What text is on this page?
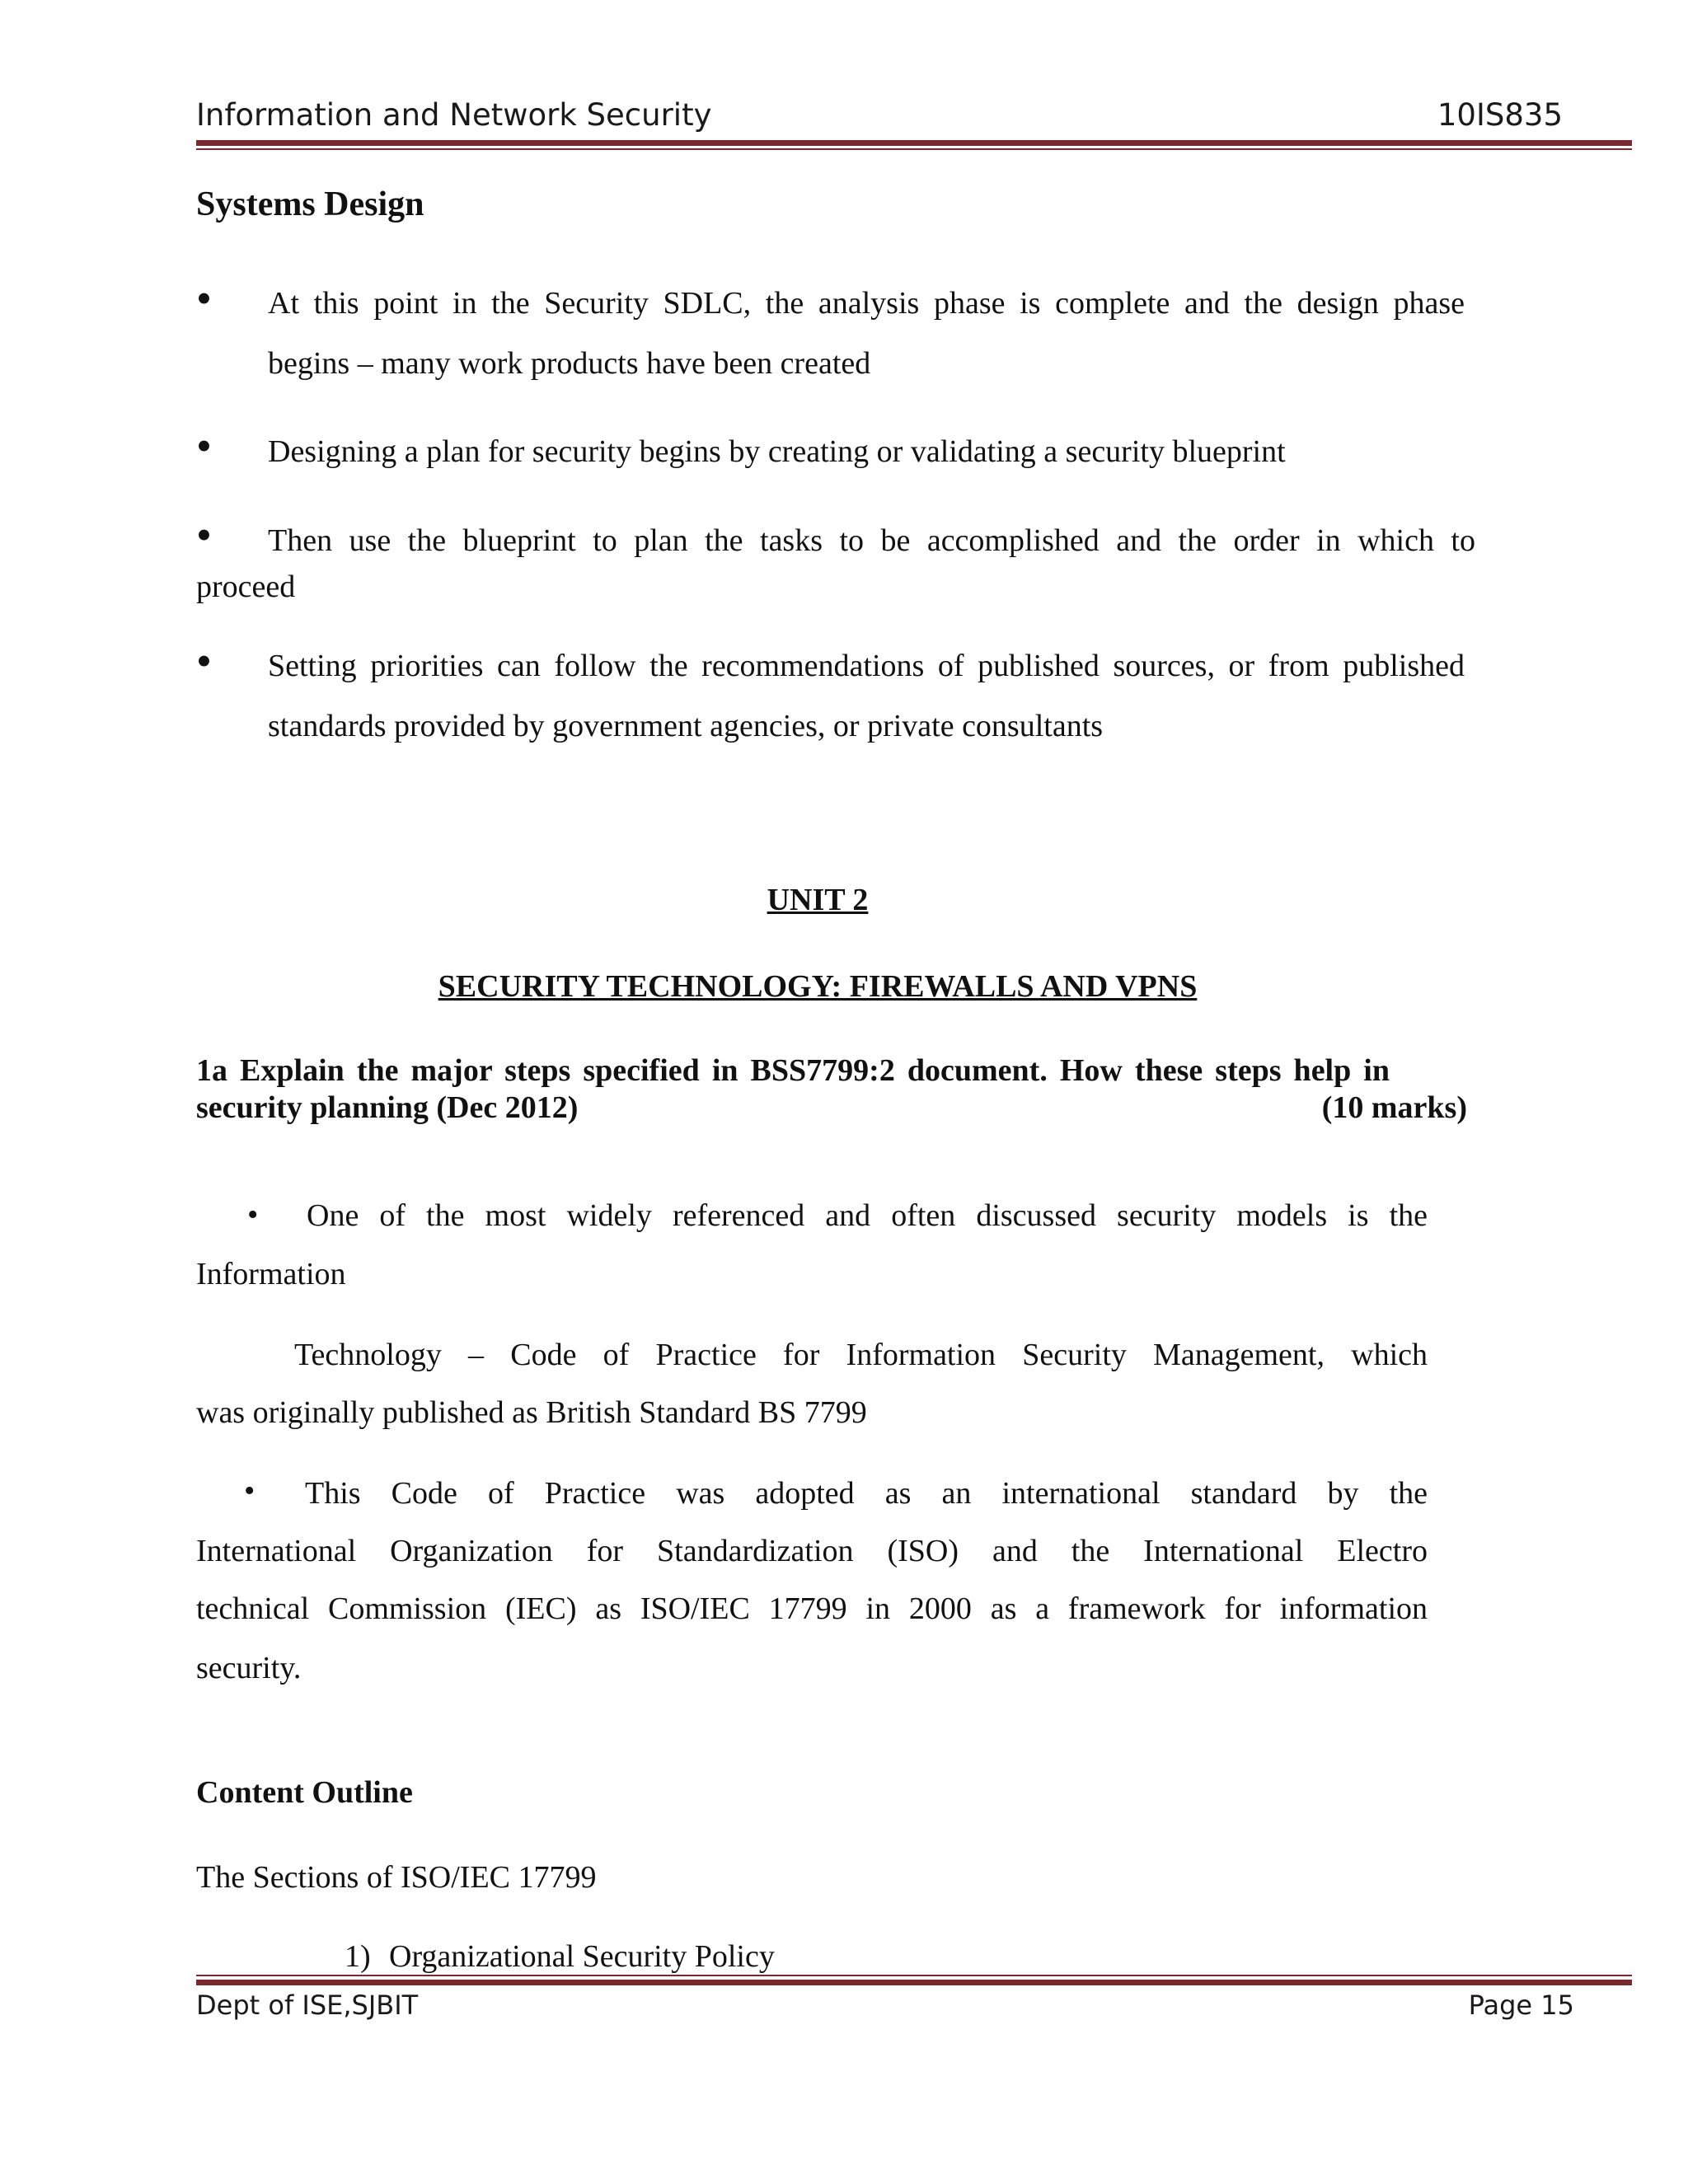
Information and Network Security	10IS835
Systems Design
• At this point in the Security SDLC, the analysis phase is complete and the design phase
begins – many work products have been created
• Designing a plan for security begins by creating or validating a security blueprint
• Then use the blueprint to plan the tasks to be accomplished and the order in which to
proceed
• Setting priorities can follow the recommendations of published sources, or from published
standards provided by government agencies, or private consultants
UNIT 2
SECURITY TECHNOLOGY: FIREWALLS AND VPNS
1a Explain the major steps specified in BSS7799:2 document. How these steps help in
security planning (Dec 2012)	(10 marks)
• One of the most widely referenced and often discussed security models is the
Information
Technology – Code of Practice for Information Security Management, which
was originally published as British Standard BS 7799
• This Code of Practice was adopted as an international standard by the
International Organization for Standardization (ISO) and the International Electro
technical Commission (IEC) as ISO/IEC 17799 in 2000 as a framework for information
security.
Content Outline
The Sections of ISO/IEC 17799
1) Organizational Security Policy
Dept of ISE,SJBIT	Page 15
